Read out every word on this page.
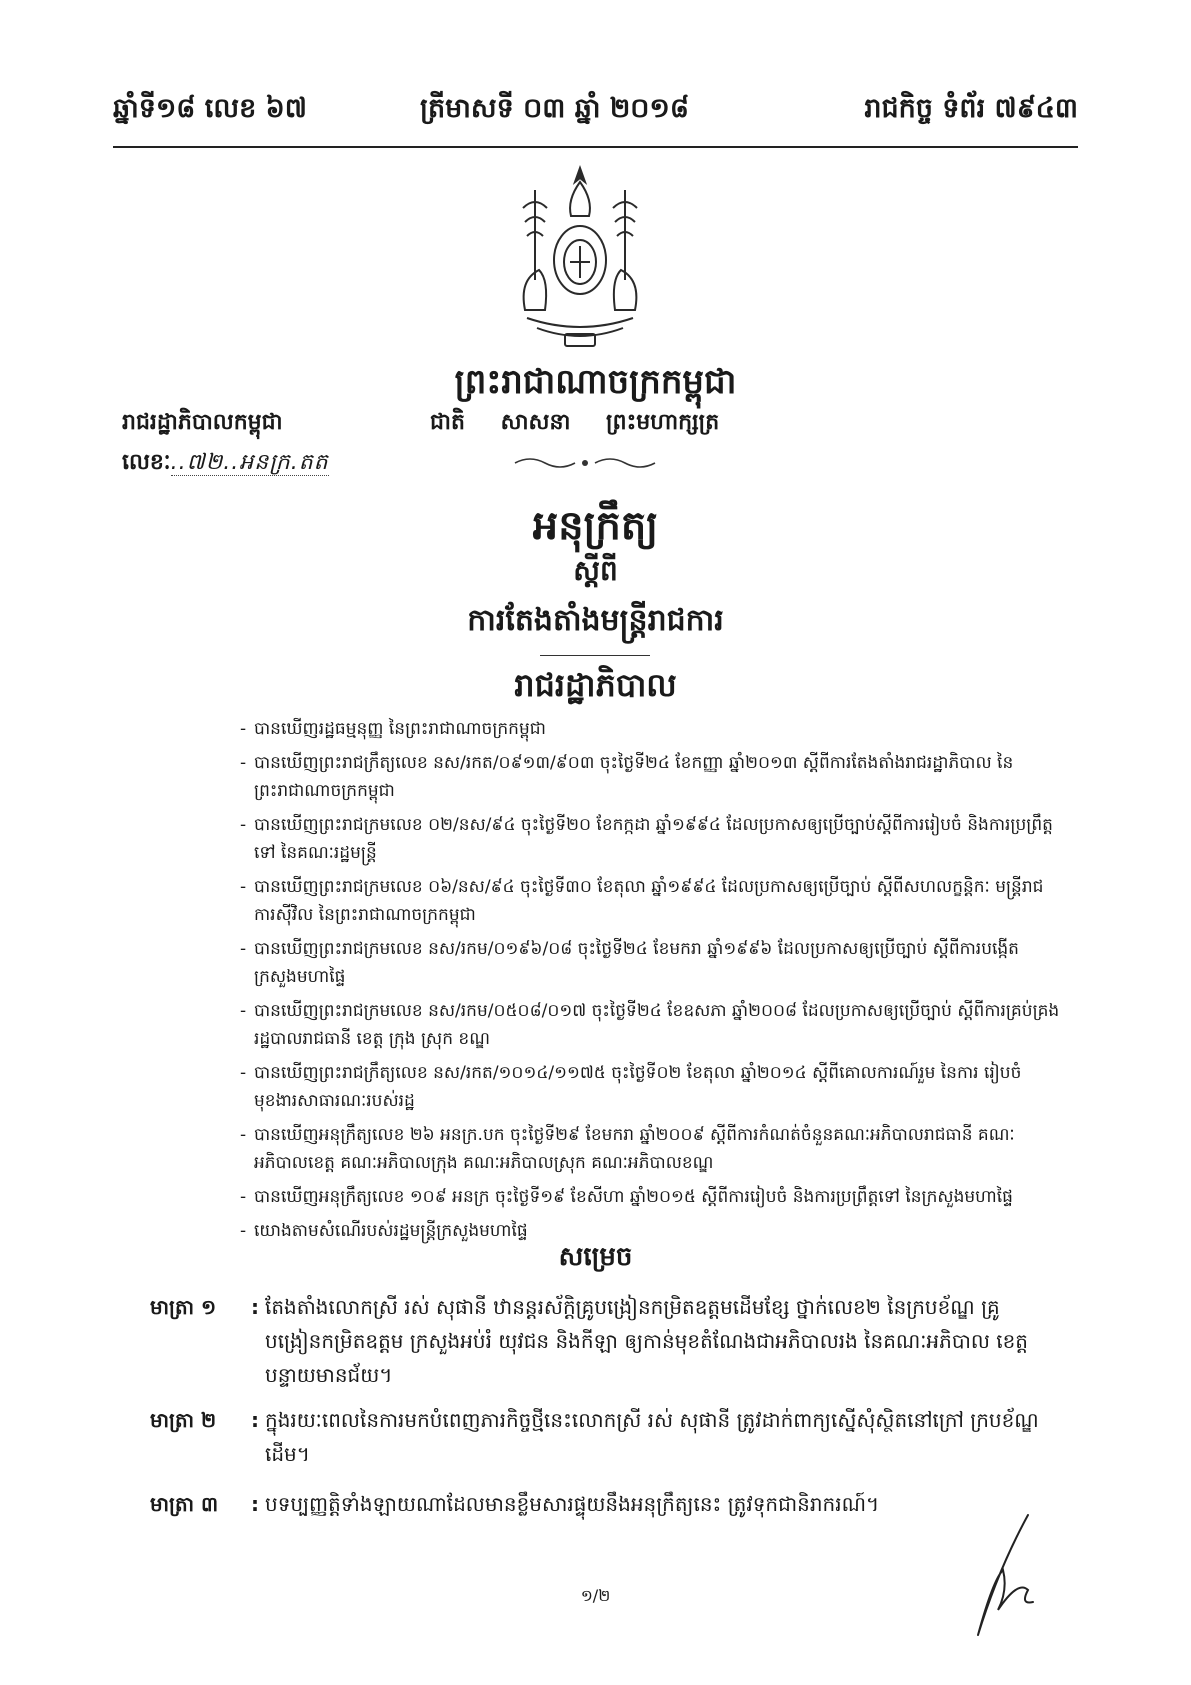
ឆ្នាំទី១៨ លេខ ៦៧	ត្រីមាសទី ០៣ ឆ្នាំ ២០១៨	រាជកិច្ច ទំព័រ ៧៩៤៣
ព្រះរាជាណាចក្រកម្ពុជា
ជាតិ សាសនា ព្រះមហាក្សត្រ
រាជរដ្ឋាភិបាលកម្ពុជា
លេខៈ..៧២..អនក្រ.តត
អនុក្រឹត្យ
ស្តីពី
ការតែងតាំងមន្ត្រីរាជការ
រាជរដ្ឋាភិបាល
- បានឃើញរដ្ឋធម្មនុញ្ញ នៃព្រះរាជាណាចក្រកម្ពុជា
- បានឃើញព្រះរាជក្រឹត្យលេខ នស/រកត/០៩១៣/៩០៣ ចុះថ្ងៃទី២៤ ខែកញ្ញា ឆ្នាំ២០១៣ ស្តីពីការតែងតាំងរាជរដ្ឋាភិបាល នៃព្រះរាជាណាចក្រកម្ពុជា
- បានឃើញព្រះរាជក្រមលេខ ០២/នស/៩៤ ចុះថ្ងៃទី២០ ខែកក្កដា ឆ្នាំ១៩៩៤ ដែលប្រកាសឲ្យប្រើច្បាប់ស្តីពីការរៀបចំ និងការប្រព្រឹត្តទៅ នៃគណៈរដ្ឋមន្ត្រី
- បានឃើញព្រះរាជក្រមលេខ ០៦/នស/៩៤ ចុះថ្ងៃទី៣០ ខែតុលា ឆ្នាំ១៩៩៤ ដែលប្រកាសឲ្យប្រើច្បាប់ ស្តីពីសហលក្ខន្តិកៈ មន្ត្រីរាជការស៊ីវិល នៃព្រះរាជាណាចក្រកម្ពុជា
- បានឃើញព្រះរាជក្រមលេខ នស/រកម/០១៩៦/០៨ ចុះថ្ងៃទី២៤ ខែមករា ឆ្នាំ១៩៩៦ ដែលប្រកាសឲ្យប្រើច្បាប់ ស្តីពីការបង្កើតក្រសួងមហាផ្ទៃ
- បានឃើញព្រះរាជក្រមលេខ នស/រកម/០៥០៨/០១៧ ចុះថ្ងៃទី២៤ ខែឧសភា ឆ្នាំ២០០៨ ដែលប្រកាសឲ្យប្រើច្បាប់ ស្តីពីការគ្រប់គ្រងរដ្ឋបាលរាជធានី ខេត្ត ក្រុង ស្រុក ខណ្ឌ
- បានឃើញព្រះរាជក្រឹត្យលេខ នស/រកត/១០១៤/១១៧៥ ចុះថ្ងៃទី០២ ខែតុលា ឆ្នាំ២០១៤ ស្តីពីគោលការណ៍រួម នៃការ រៀបចំមុខងារសាធារណៈរបស់រដ្ឋ
- បានឃើញអនុក្រឹត្យលេខ ២៦ អនក្រ.បក ចុះថ្ងៃទី២៩ ខែមករា ឆ្នាំ២០០៩ ស្តីពីការកំណត់ចំនួនគណៈអភិបាលរាជធានី គណៈអភិបាលខេត្ត គណៈអភិបាលក្រុង គណៈអភិបាលស្រុក គណៈអភិបាលខណ្ឌ
- បានឃើញអនុក្រឹត្យលេខ ១០៩ អនក្រ ចុះថ្ងៃទី១៩ ខែសីហា ឆ្នាំ២០១៥ ស្តីពីការរៀបចំ និងការប្រព្រឹត្តទៅ នៃក្រសួងមហាផ្ទៃ
- យោងតាមសំណើរបស់រដ្ឋមន្ត្រីក្រសួងមហាផ្ទៃ
សម្រេច
មាត្រា ១	: តែងតាំងលោកស្រី រស់ សុផានី ឋានន្តរស័ក្តិគ្រូបង្រៀនកម្រិតឧត្តមដើមខ្សែ ថ្នាក់លេខ២ នៃក្របខ័ណ្ឌ គ្រូបង្រៀនកម្រិតឧត្តម ក្រសួងអប់រំ យុវជន និងកីឡា ឲ្យកាន់មុខតំណែងជាអភិបាលរង នៃគណៈអភិបាល ខេត្តបន្ទាយមានជ័យ។
មាត្រា ២	: ក្នុងរយៈពេលនៃការមកបំពេញភារកិច្ចថ្មីនេះលោកស្រី រស់ សុផានី ត្រូវដាក់ពាក្យស្នើសុំស្ថិតនៅក្រៅ ក្របខ័ណ្ឌដើម។
មាត្រា ៣	: បទប្បញ្ញត្តិទាំងឡាយណាដែលមានខ្លឹមសារផ្ទុយនឹងអនុក្រឹត្យនេះ ត្រូវទុកជានិរាករណ៍។
១/២
